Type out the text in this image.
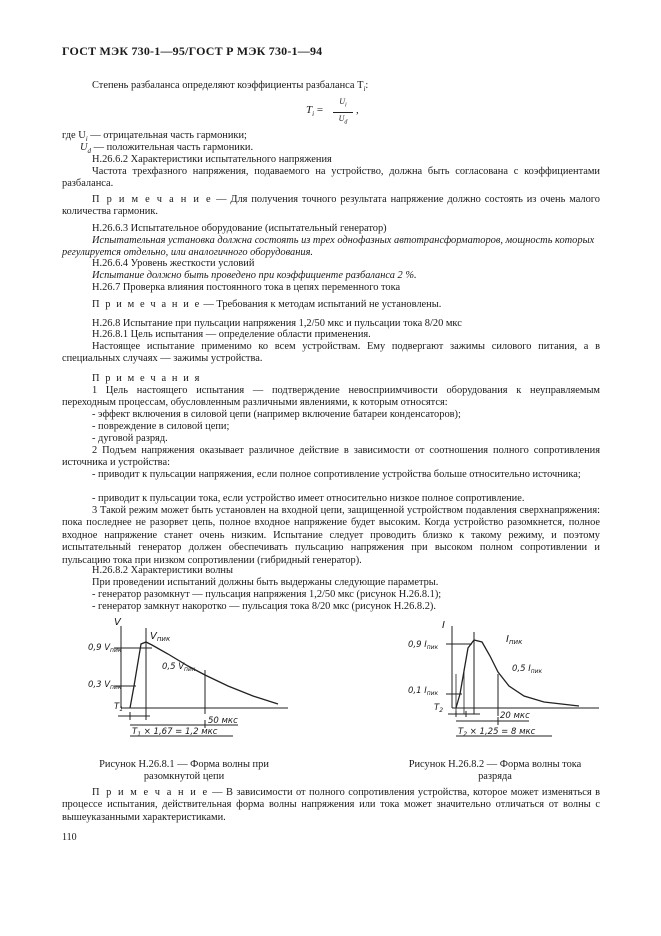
ГОСТ МЭК 730-1—95/ГОСТ Р МЭК 730-1—94
Степень разбаланса определяют коэффициенты разбаланса $T_i$:
$T_i = \frac{U_i}{U_d}$ ,
где $U_i$ — отрицательная часть гармоники;
$U_d$ — положительная часть гармоники.
Н.26.6.2 Характеристики испытательного напряжения
Частота трехфазного напряжения, подаваемого на устройство, должна быть согласована с коэффициентами разбаланса.
П р и м е ч а н и е — Для получения точного результата напряжение должно состоять из очень малого количества гармоник.
Н.26.6.3 Испытательное оборудование (испытательный генератор)
Испытательная установка должна состоять из трех однофазных автотрансформаторов, мощность которых
регулируется отдельно, или аналогичного оборудования.
Н.26.6.4 Уровень жесткости условий
Испытание должно быть проведено при коэффициенте разбаланса 2 %.
Н.26.7 Проверка влияния постоянного тока в цепях переменного тока
П р и м е ч а н и е — Требования к методам испытаний не установлены.
Н.26.8 Испытание при пульсации напряжения 1,2/50 мкс и пульсации тока 8/20 мкс
Н.26.8.1 Цель испытания — определение области применения.
Настоящее испытание применимо ко всем устройствам. Ему подвергают зажимы силового питания, а в специальных случаях — зажимы устройства.
П р и м е ч а н и я
1 Цель настоящего испытания — подтверждение невосприимчивости оборудования к неуправляемым переходным процессам, обусловленным различными явлениями, к которым относятся:
- эффект включения в силовой цепи (например включение батареи конденсаторов);
- повреждение в силовой цепи;
- дуговой разряд.
2 Подъем напряжения оказывает различное действие в зависимости от соотношения полного сопротивления источника и устройства:
- приводит к пульсации напряжения, если полное сопротивление устройства больше относительно источника;
- приводит к пульсации тока, если устройство имеет относительно низкое полное сопротивление.
3 Такой режим может быть установлен на входной цепи, защищенной устройством подавления сверхнапряжения: пока последнее не разорвет цепь, полное входное напряжение будет высоким. Когда устройство разомкнется, полное входное напряжение станет очень низким. Испытание следует проводить близко к такому режиму, и поэтому испытательный генератор должен обеспечивать пульсацию напряжения при высоком полном сопротивлении и пульсацию тока при низком сопротивлении (гибридный генератор).
Н.26.8.2 Характеристики волны
При проведении испытаний должны быть выдержаны следующие параметры.
- генератор разомкнут — пульсация напряжения 1,2/50 мкс (рисунок Н.26.8.1);
- генератор замкнут накоротко — пульсация тока 8/20 мкс (рисунок Н.26.8.2).
V
$V_{пик}$
0,9 $V_{пик}$
0,3 $V_{пик}$
0,5 $V_{пик}$
$T_1$
50 мкс
$T_1 \times 1,67 = 1,2$ мкс
I
$I_{пик}$
0,9 $I_{пик}$
0,1 $I_{пик}$
0,5 $I_{пик}$
$T_2$
20 мкс
$T_2 \times 1,25 = 8$ мкс
Рисунок Н.26.8.1 — Форма волны при
разомкнутой цепи
Рисунок Н.26.8.2 — Форма волны тока
разряда
П р и м е ч а н и е — В зависимости от полного сопротивления устройства, которое может изменяться в процессе испытания, действительная форма волны напряжения или тока может значительно отличаться от волны с вышеуказанными характеристиками.
110
